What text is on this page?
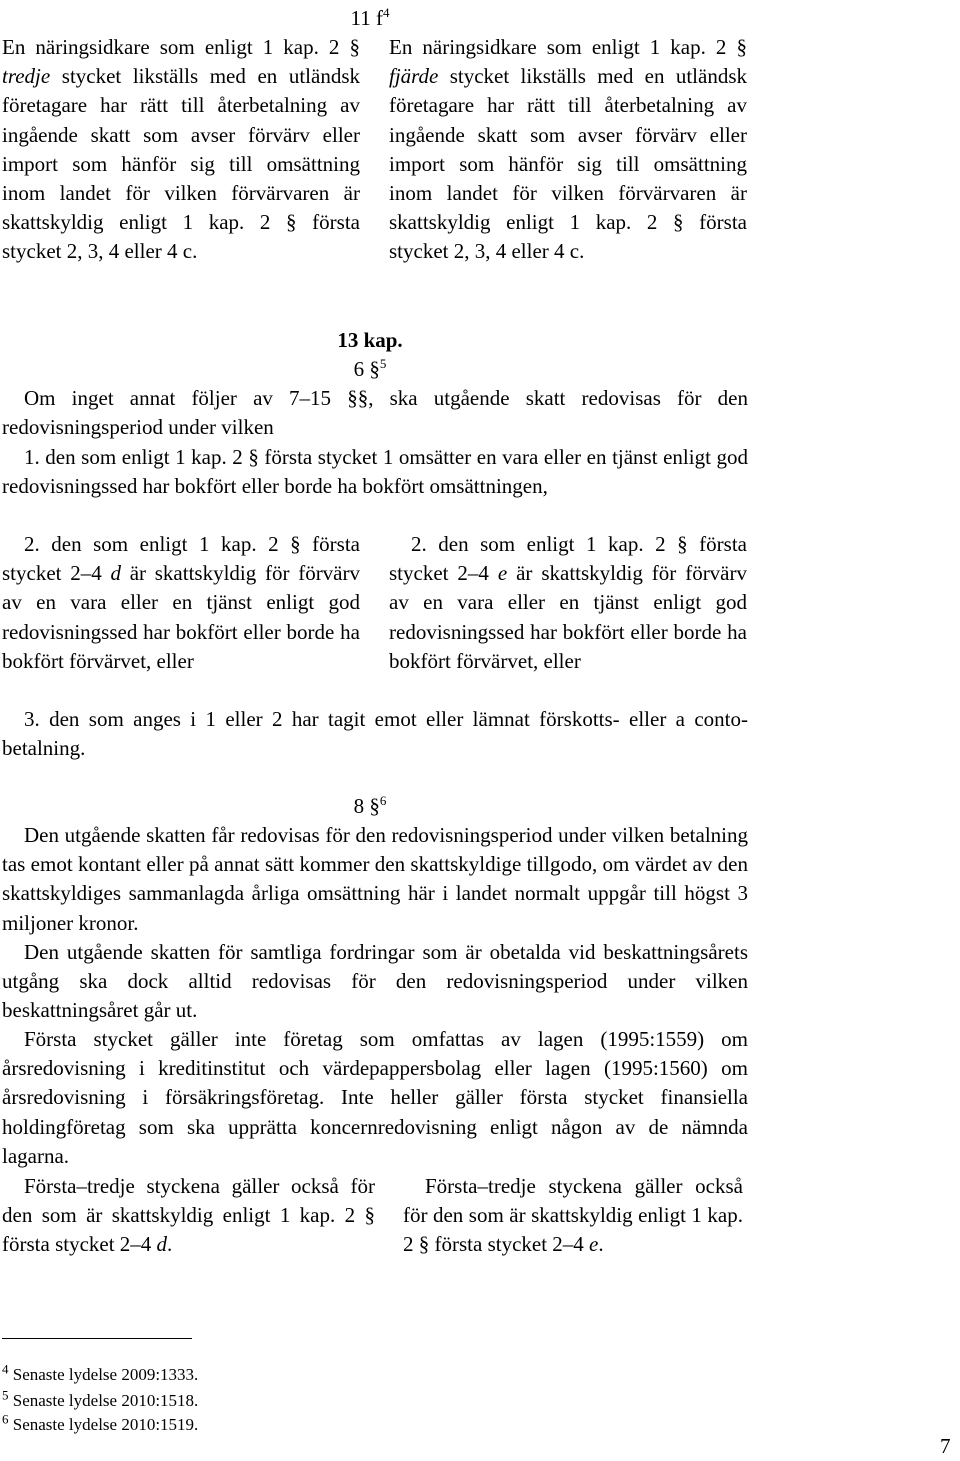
11 $f^4$

En näringsidkare som enligt 1 kap. 2 § tredje stycket likställs med en utländsk företagare har rätt till återbetalning av ingående skatt som avser förvärv eller import som hänför sig till omsättning inom landet för vilken förvärvaren är skattskyldig enligt 1 kap. 2 § första stycket 2, 3, 4 eller 4 c.

En näringsidkare som enligt 1 kap. 2 § fjärde stycket likställs med en utländsk företagare har rätt till återbetalning av ingående skatt som avser förvärv eller import som hänför sig till omsättning inom landet för vilken förvärvaren är skattskyldig enligt 1 kap. 2 § första stycket 2, 3, 4 eller 4 c.

13 kap.
6 §$^5$

Om inget annat följer av 7–15 §§, ska utgående skatt redovisas för den redovisningsperiod under vilken

1. den som enligt 1 kap. 2 § första stycket 1 omsätter en vara eller en tjänst enligt god redovisningssed har bokfört eller borde ha bokfört omsättningen,

2. den som enligt 1 kap. 2 § första stycket 2–4 d är skattskyldig för förvärv av en vara eller en tjänst enligt god redovisningssed har bokfört eller borde ha bokfört förvärvet, eller

2. den som enligt 1 kap. 2 § första stycket 2–4 e är skattskyldig för förvärv av en vara eller en tjänst enligt god redovisningssed har bokfört eller borde ha bokfört förvärvet, eller

3. den som anges i 1 eller 2 har tagit emot eller lämnat förskotts- eller a conto-betalning.

8 §$^6$

Den utgående skatten får redovisas för den redovisningsperiod under vilken betalning tas emot kontant eller på annat sätt kommer den skattskyldige tillgodo, om värdet av den skattskyldiges sammanlagda årliga omsättning här i landet normalt uppgår till högst 3 miljoner kronor.

Den utgående skatten för samtliga fordringar som är obetalda vid beskattningsårets utgång ska dock alltid redovisas för den redovisningsperiod under vilken beskattningsåret går ut.

Första stycket gäller inte företag som omfattas av lagen (1995:1559) om årsredovisning i kreditinstitut och värdepappersbolag eller lagen (1995:1560) om årsredovisning i försäkringsföretag. Inte heller gäller första stycket finansiella holdingföretag som ska upprätta koncernredovisning enligt någon av de nämnda lagarna.

Första–tredje styckena gäller också för den som är skattskyldig enligt 1 kap. 2 § första stycket 2–4 d.

Första–tredje styckena gäller också för den som är skattskyldig enligt 1 kap. 2 § första stycket 2–4 e.

$^4$ Senaste lydelse 2009:1333.
$^5$ Senaste lydelse 2010:1518.
$^6$ Senaste lydelse 2010:1519.
7
